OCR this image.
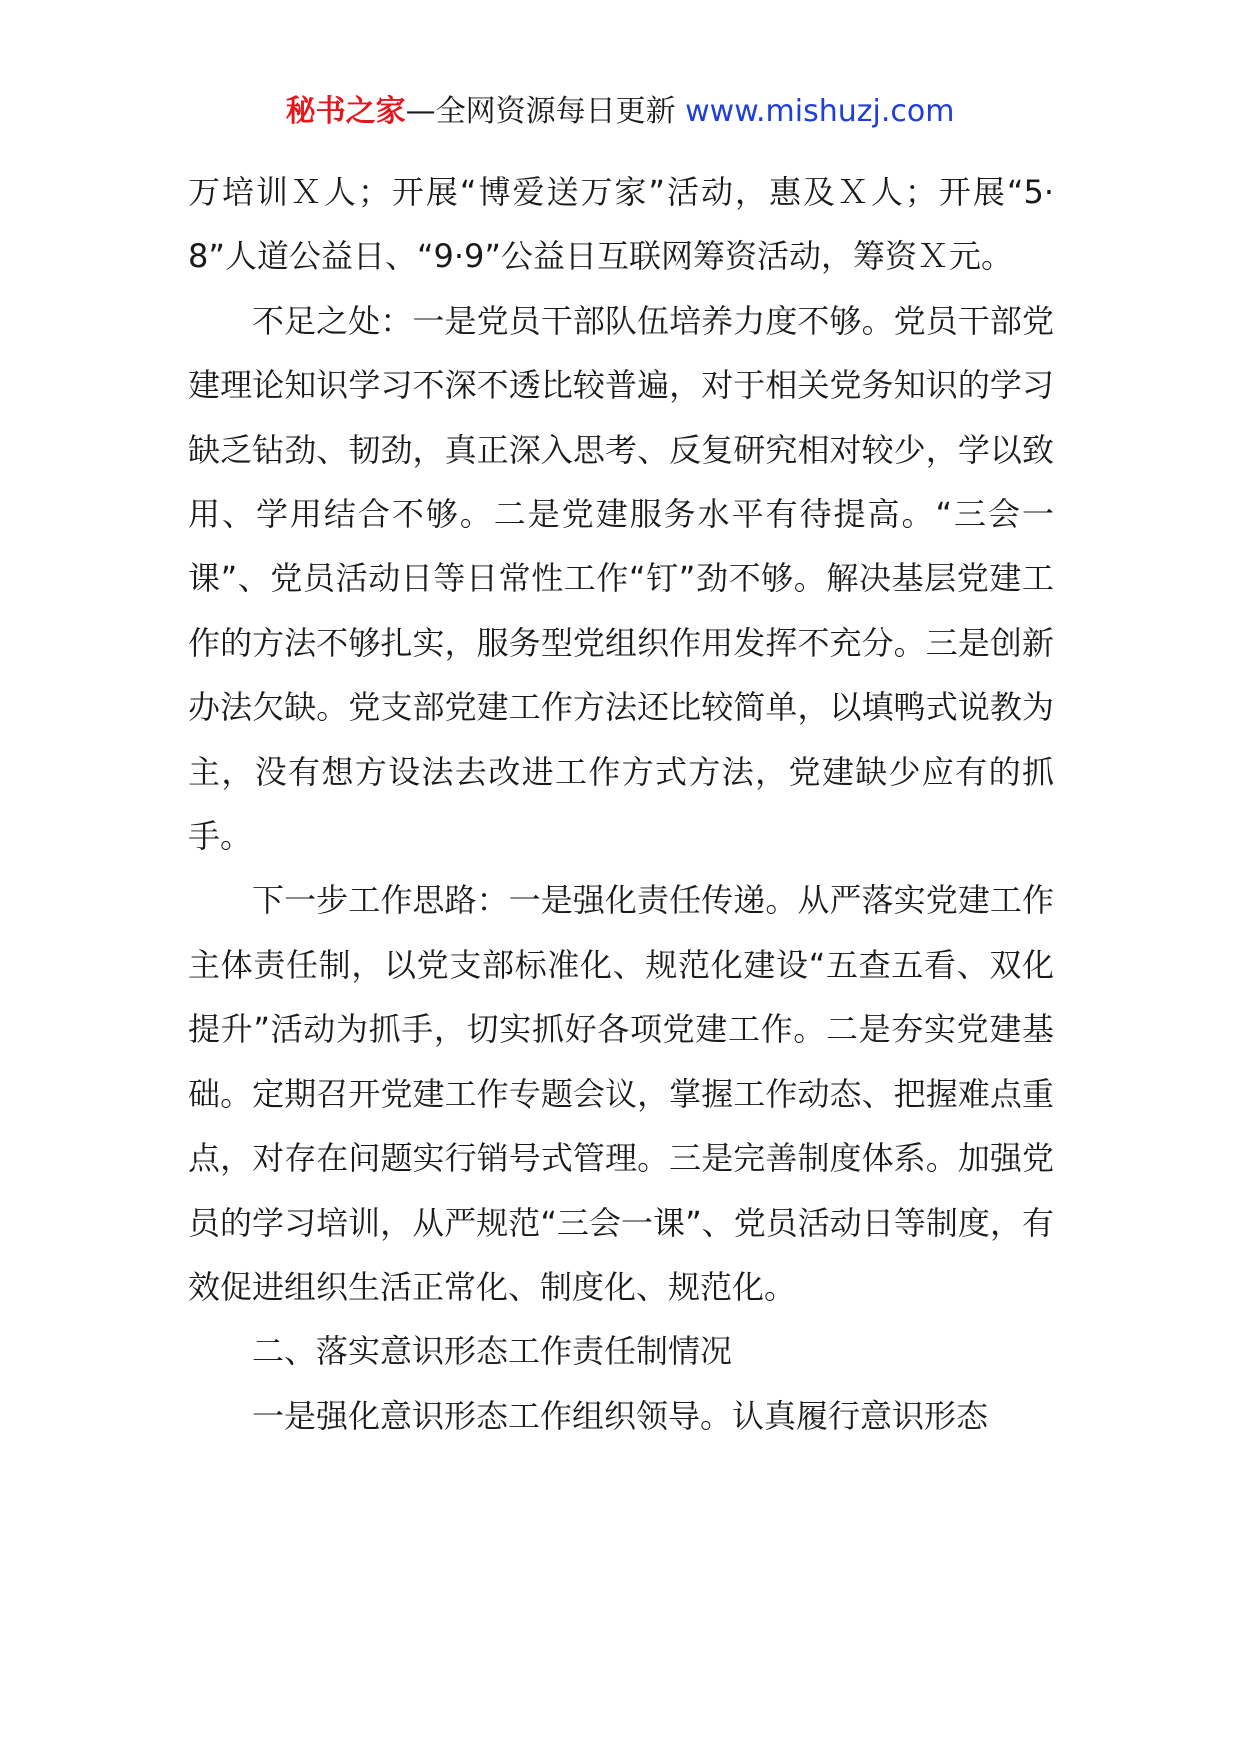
秘书之家—全网资源每日更新 www.mishuzj.com

万培训Ｘ人；开展“博爱送万家”活动，惠及Ｘ人；开展“5·8”人道公益日、“9·9”公益日互联网筹资活动，筹资Ｘ元。

不足之处：一是党员干部队伍培养力度不够。党员干部党建理论知识学习不深不透比较普遍，对于相关党务知识的学习缺乏钻劲、韧劲，真正深入思考、反复研究相对较少，学以致用、学用结合不够。二是党建服务水平有待提高。“三会一课”、党员活动日等日常性工作“钉”劲不够。解决基层党建工作的方法不够扎实，服务型党组织作用发挥不充分。三是创新办法欠缺。党支部党建工作方法还比较简单，以填鸭式说教为主，没有想方设法去改进工作方式方法，党建缺少应有的抓手。

下一步工作思路：一是强化责任传递。从严落实党建工作主体责任制，以党支部标准化、规范化建设“五查五看、双化提升”活动为抓手，切实抓好各项党建工作。二是夯实党建基础。定期召开党建工作专题会议，掌握工作动态、把握难点重点，对存在问题实行销号式管理。三是完善制度体系。加强党员的学习培训，从严规范“三会一课”、党员活动日等制度，有效促进组织生活正常化、制度化、规范化。

二、落实意识形态工作责任制情况

一是强化意识形态工作组织领导。认真履行意识形态
